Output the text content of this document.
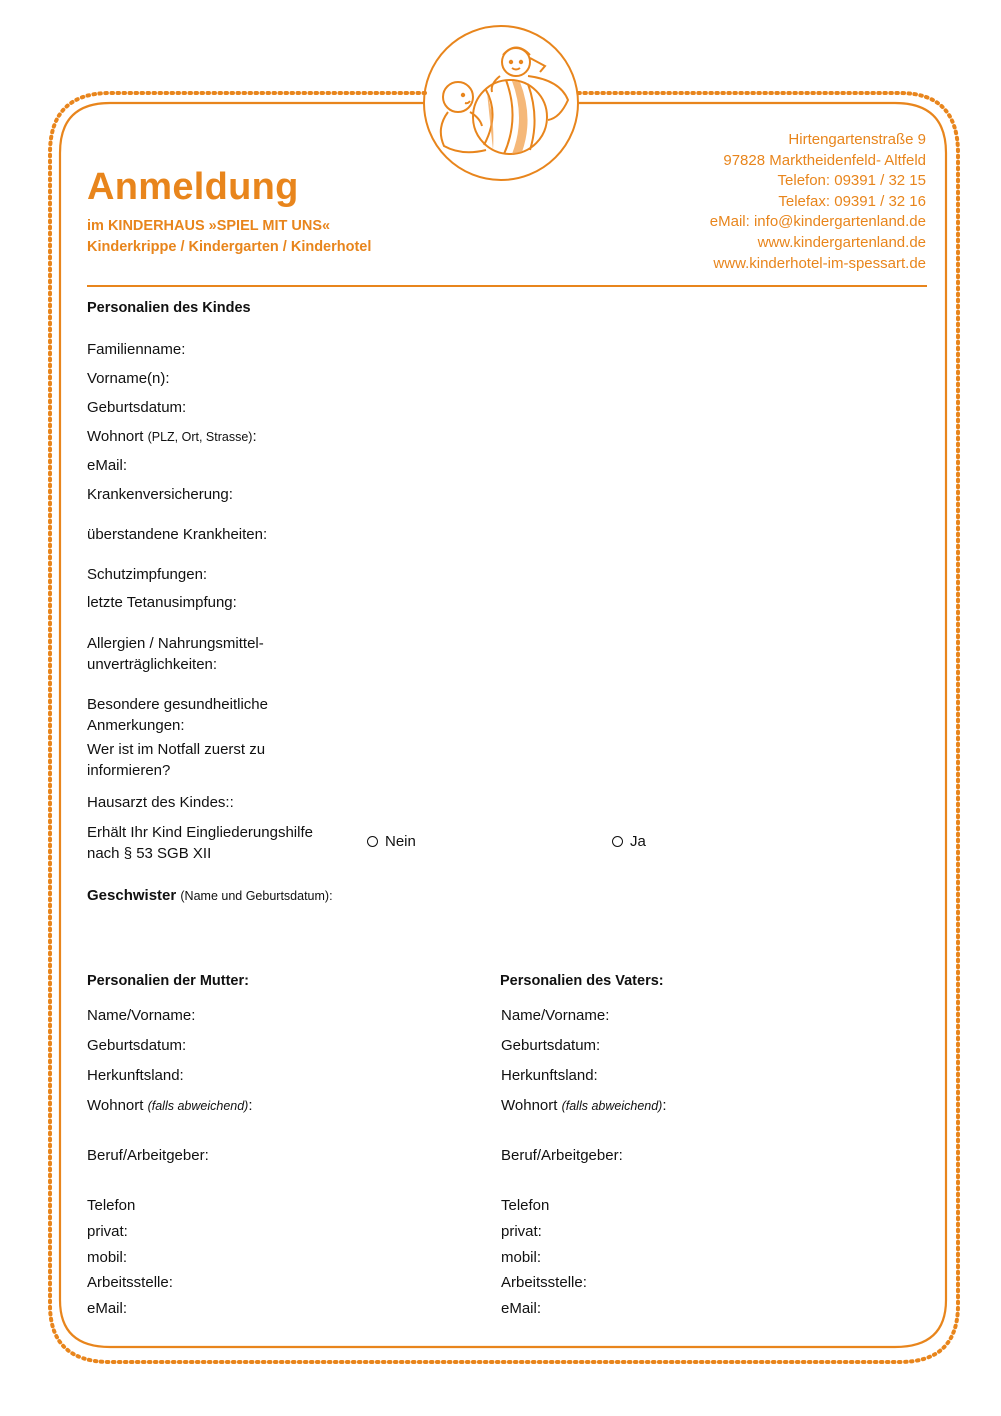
Anmeldung
im KINDERHAUS »SPIEL MIT UNS«
Kinderkrippe / Kindergarten / Kinderhotel
Hirtengartenstraße 9
97828 Marktheidenfeld- Altfeld
Telefon: 09391 / 32 15
Telefax: 09391 / 32 16
eMail: info@kindergartenland.de
www.kindergartenland.de
www.kinderhotel-im-spessart.de
Personalien des Kindes
Familienname:
Vorname(n):
Geburtsdatum:
Wohnort (PLZ, Ort, Strasse):
eMail:
Krankenversicherung:
überstandene Krankheiten:
Schutzimpfungen:
letzte Tetanusimpfung:
Allergien / Nahrungsmittel-
unverträglichkeiten:
Besondere gesundheitliche
Anmerkungen:
Wer ist im Notfall zuerst zu
informieren?
Hausarzt des Kindes::
Erhält Ihr Kind Eingliederungshilfe
nach § 53 SGB XII
Nein	Ja
Geschwister (Name und Geburtsdatum):
Personalien der Mutter:
Name/Vorname:
Geburtsdatum:
Herkunftsland:
Wohnort (falls abweichend):
Beruf/Arbeitgeber:
Telefon
privat:
mobil:
Arbeitsstelle:
eMail:
Personalien des Vaters:
Name/Vorname:
Geburtsdatum:
Herkunftsland:
Wohnort (falls abweichend):
Beruf/Arbeitgeber:
Telefon
privat:
mobil:
Arbeitsstelle:
eMail:
